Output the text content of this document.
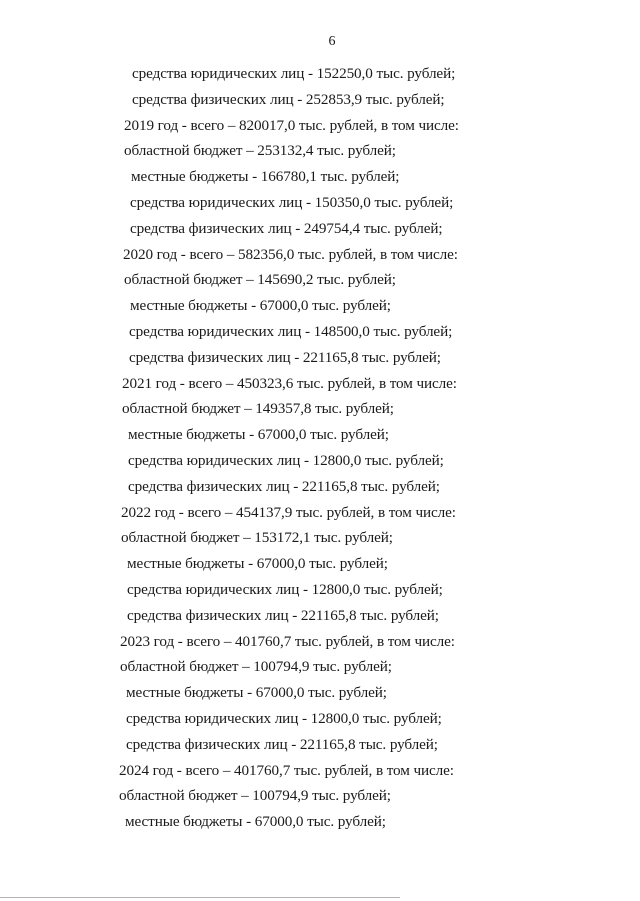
6
средства юридических лиц - 152250,0 тыс. рублей;
средства физических лиц - 252853,9 тыс. рублей;
2019 год - всего – 820017,0 тыс. рублей, в том числе:
областной бюджет – 253132,4 тыс. рублей;
местные бюджеты - 166780,1 тыс. рублей;
средства юридических лиц - 150350,0 тыс. рублей;
средства физических лиц - 249754,4 тыс. рублей;
2020 год - всего – 582356,0 тыс. рублей, в том числе:
областной бюджет – 145690,2 тыс. рублей;
местные бюджеты - 67000,0 тыс. рублей;
средства юридических лиц - 148500,0 тыс. рублей;
средства физических лиц - 221165,8 тыс. рублей;
2021 год - всего – 450323,6 тыс. рублей, в том числе:
областной бюджет – 149357,8 тыс. рублей;
местные бюджеты - 67000,0 тыс. рублей;
средства юридических лиц - 12800,0 тыс. рублей;
средства физических лиц - 221165,8 тыс. рублей;
2022 год - всего – 454137,9 тыс. рублей, в том числе:
областной бюджет – 153172,1 тыс. рублей;
местные бюджеты - 67000,0 тыс. рублей;
средства юридических лиц - 12800,0 тыс. рублей;
средства физических лиц - 221165,8 тыс. рублей;
2023 год - всего – 401760,7 тыс. рублей, в том числе:
областной бюджет – 100794,9 тыс. рублей;
местные бюджеты - 67000,0 тыс. рублей;
средства юридических лиц - 12800,0 тыс. рублей;
средства физических лиц - 221165,8 тыс. рублей;
2024 год - всего – 401760,7 тыс. рублей, в том числе:
областной бюджет – 100794,9 тыс. рублей;
местные бюджеты - 67000,0 тыс. рублей;
